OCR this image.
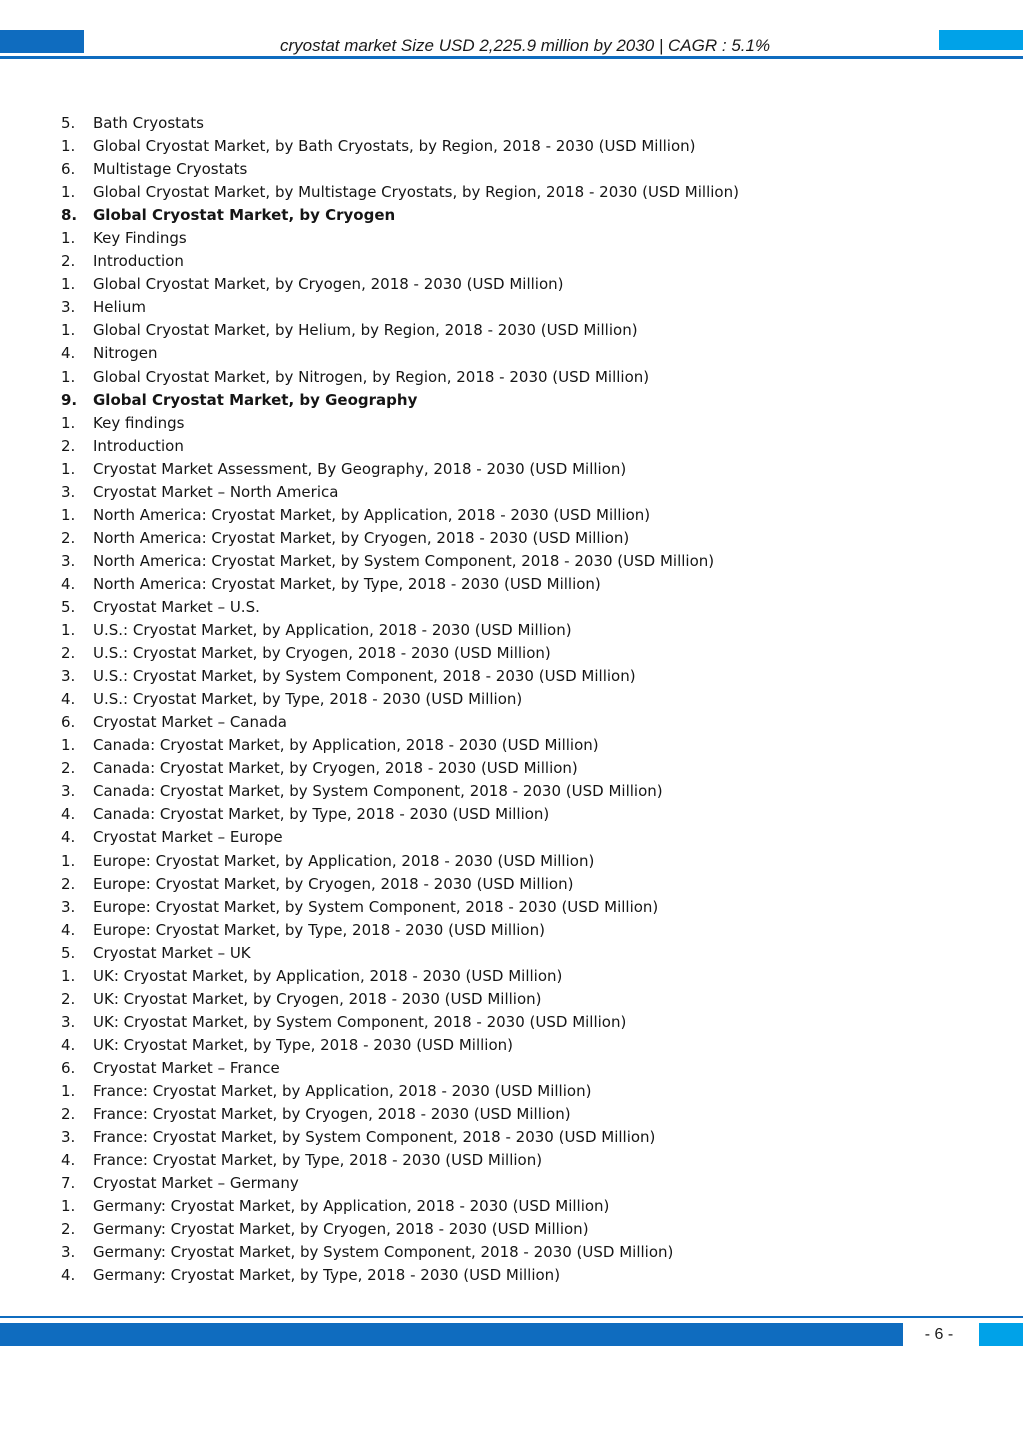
cryostat market Size USD 2,225.9 million by 2030 | CAGR : 5.1%
5. Bath Cryostats
1. Global Cryostat Market, by Bath Cryostats, by Region, 2018 - 2030 (USD Million)
6. Multistage Cryostats
1. Global Cryostat Market, by Multistage Cryostats, by Region, 2018 - 2030 (USD Million)
8. Global Cryostat Market, by Cryogen
1. Key Findings
2. Introduction
1. Global Cryostat Market, by Cryogen, 2018 - 2030 (USD Million)
3. Helium
1. Global Cryostat Market, by Helium, by Region, 2018 - 2030 (USD Million)
4. Nitrogen
1. Global Cryostat Market, by Nitrogen, by Region, 2018 - 2030 (USD Million)
9. Global Cryostat Market, by Geography
1. Key findings
2. Introduction
1. Cryostat Market Assessment, By Geography, 2018 - 2030 (USD Million)
3. Cryostat Market – North America
1. North America: Cryostat Market, by Application, 2018 - 2030 (USD Million)
2. North America: Cryostat Market, by Cryogen, 2018 - 2030 (USD Million)
3. North America: Cryostat Market, by System Component, 2018 - 2030 (USD Million)
4. North America: Cryostat Market, by Type, 2018 - 2030 (USD Million)
5. Cryostat Market – U.S.
1. U.S.: Cryostat Market, by Application, 2018 - 2030 (USD Million)
2. U.S.: Cryostat Market, by Cryogen, 2018 - 2030 (USD Million)
3. U.S.: Cryostat Market, by System Component, 2018 - 2030 (USD Million)
4. U.S.: Cryostat Market, by Type, 2018 - 2030 (USD Million)
6. Cryostat Market – Canada
1. Canada: Cryostat Market, by Application, 2018 - 2030 (USD Million)
2. Canada: Cryostat Market, by Cryogen, 2018 - 2030 (USD Million)
3. Canada: Cryostat Market, by System Component, 2018 - 2030 (USD Million)
4. Canada: Cryostat Market, by Type, 2018 - 2030 (USD Million)
4. Cryostat Market – Europe
1. Europe: Cryostat Market, by Application, 2018 - 2030 (USD Million)
2. Europe: Cryostat Market, by Cryogen, 2018 - 2030 (USD Million)
3. Europe: Cryostat Market, by System Component, 2018 - 2030 (USD Million)
4. Europe: Cryostat Market, by Type, 2018 - 2030 (USD Million)
5. Cryostat Market – UK
1. UK: Cryostat Market, by Application, 2018 - 2030 (USD Million)
2. UK: Cryostat Market, by Cryogen, 2018 - 2030 (USD Million)
3. UK: Cryostat Market, by System Component, 2018 - 2030 (USD Million)
4. UK: Cryostat Market, by Type, 2018 - 2030 (USD Million)
6. Cryostat Market – France
1. France: Cryostat Market, by Application, 2018 - 2030 (USD Million)
2. France: Cryostat Market, by Cryogen, 2018 - 2030 (USD Million)
3. France: Cryostat Market, by System Component, 2018 - 2030 (USD Million)
4. France: Cryostat Market, by Type, 2018 - 2030 (USD Million)
7. Cryostat Market – Germany
1. Germany: Cryostat Market, by Application, 2018 - 2030 (USD Million)
2. Germany: Cryostat Market, by Cryogen, 2018 - 2030 (USD Million)
3. Germany: Cryostat Market, by System Component, 2018 - 2030 (USD Million)
4. Germany: Cryostat Market, by Type, 2018 - 2030 (USD Million)
- 6 -
